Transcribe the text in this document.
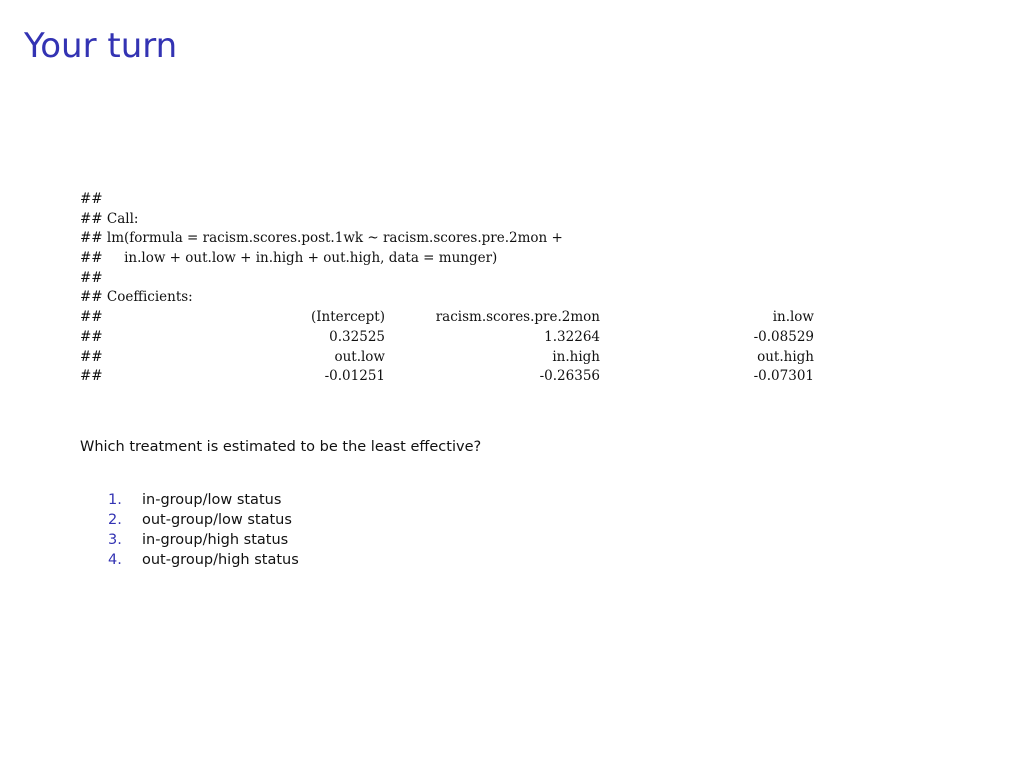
Your turn
##
## Call:
## lm(formula = racism.scores.post.1wk ~ racism.scores.pre.2mon +
##     in.low + out.low + in.high + out.high, data = munger)
##
## Coefficients:
##	(Intercept)	racism.scores.pre.2mon	in.low
##	0.32525	1.32264	-0.08529
##	out.low	in.high	out.high
##	-0.01251	-0.26356	-0.07301

Which treatment is estimated to be the least effective?

1. in-group/low status
2. out-group/low status
3. in-group/high status
4. out-group/high status
